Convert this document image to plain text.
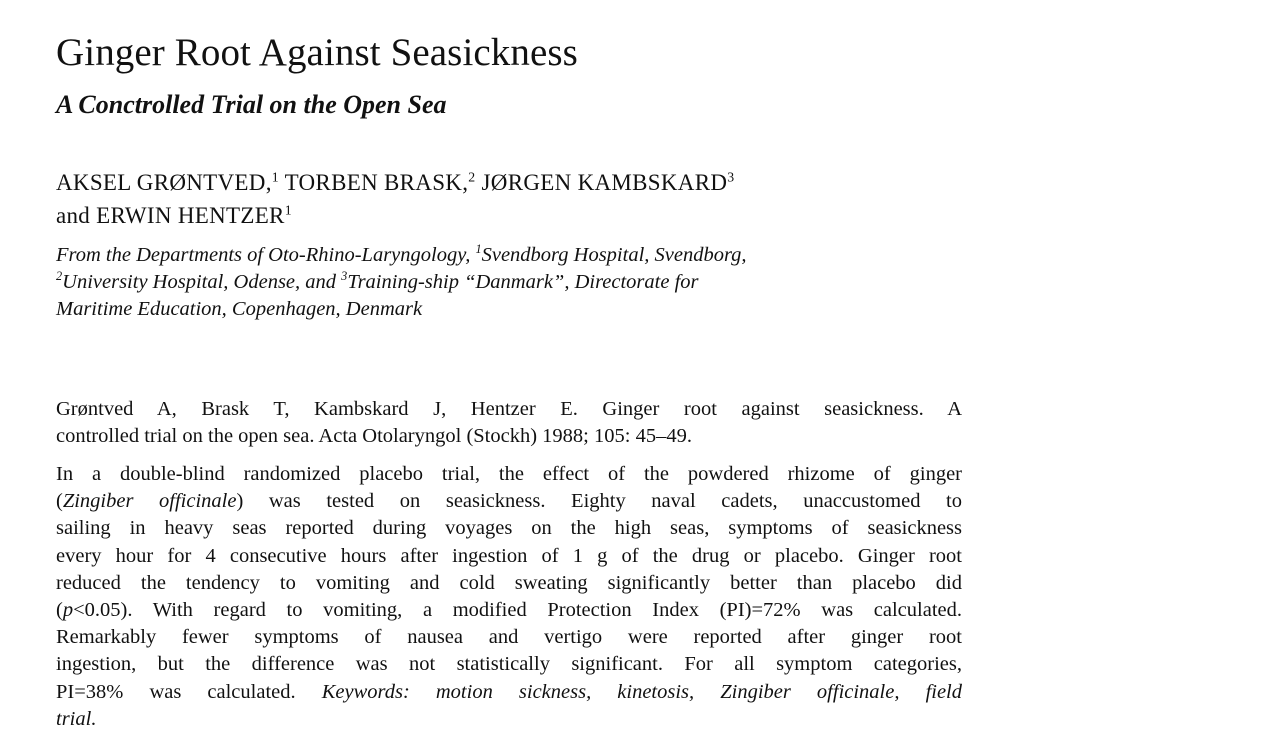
Ginger Root Against Seasickness
A Conctrolled Trial on the Open Sea
AKSEL GRØNTVED,$^1$ TORBEN BRASK,$^2$ JØRGEN KAMBSKARD$^3$
and ERWIN HENTZER$^1$
From the Departments of Oto-Rhino-Laryngology, $^1$Svendborg Hospital, Svendborg,
$^2$University Hospital, Odense, and $^3$Training-ship “Danmark”, Directorate for
Maritime Education, Copenhagen, Denmark
Grøntved A, Brask T, Kambskard J, Hentzer E. Ginger root against seasickness. A
controlled trial on the open sea. Acta Otolaryngol (Stockh) 1988; 105: 45–49.
In a double-blind randomized placebo trial, the effect of the powdered rhizome of ginger
(Zingiber officinale) was tested on seasickness. Eighty naval cadets, unaccustomed to
sailing in heavy seas reported during voyages on the high seas, symptoms of seasickness
every hour for 4 consecutive hours after ingestion of 1 g of the drug or placebo. Ginger root
reduced the tendency to vomiting and cold sweating significantly better than placebo did
(p<0.05). With regard to vomiting, a modified Protection Index (PI)=72% was calculated.
Remarkably fewer symptoms of nausea and vertigo were reported after ginger root
ingestion, but the difference was not statistically significant. For all symptom categories,
PI=38% was calculated. Keywords: motion sickness, kinetosis, Zingiber officinale, field
trial.
